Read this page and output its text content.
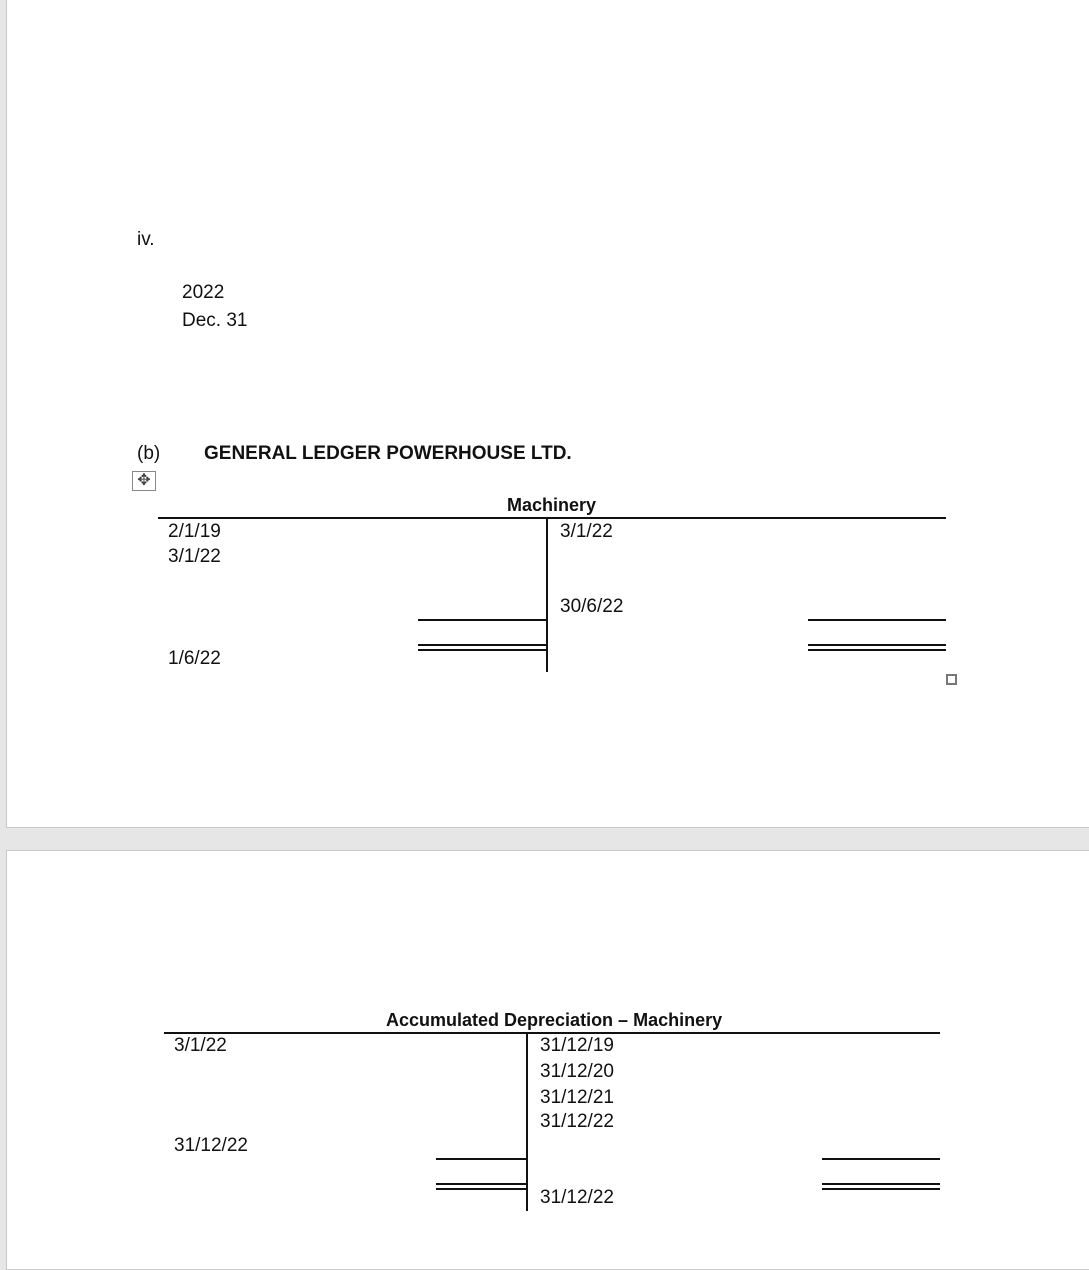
iv.
2022
Dec. 31
(b) GENERAL LEDGER POWERHOUSE LTD.
✥
Machinery
2/1/19
3/1/22
1/6/22
3/1/22
30/6/22
Accumulated Depreciation – Machinery
3/1/22
31/12/22
31/12/19
31/12/20
31/12/21
31/12/22
31/12/22
